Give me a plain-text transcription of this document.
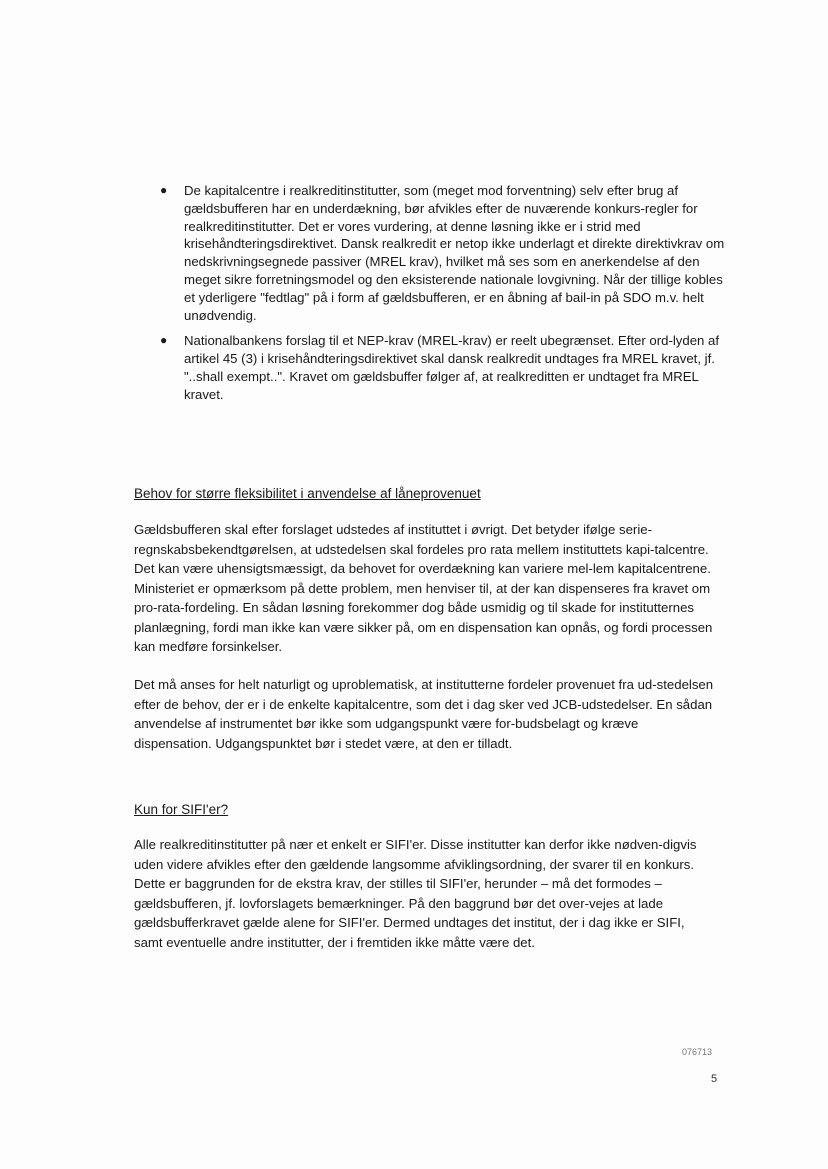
● De kapitalcentre i realkreditinstitutter, som (meget mod forventning) selv efter brug af gældsbufferen har en underdækning, bør afvikles efter de nuværende konkurs-regler for realkreditinstitutter. Det er vores vurdering, at denne løsning ikke er i strid med krisehåndteringsdirektivet. Dansk realkredit er netop ikke underlagt et direkte direktivkrav om nedskrivningsegnede passiver (MREL krav), hvilket må ses som en anerkendelse af den meget sikre forretningsmodel og den eksisterende nationale lovgivning. Når der tillige kobles et yderligere "fedtlag" på i form af gældsbufferen, er en åbning af bail-in på SDO m.v. helt unødvendig.
● Nationalbankens forslag til et NEP-krav (MREL-krav) er reelt ubegrænset. Efter ord-lyden af artikel 45 (3) i krisehåndteringsdirektivet skal dansk realkredit undtages fra MREL kravet, jf. "..shall exempt..". Kravet om gældsbuffer følger af, at realkreditten er undtaget fra MREL kravet.
Behov for større fleksibilitet i anvendelse af låneprovenuet

Gældsbufferen skal efter forslaget udstedes af instituttet i øvrigt. Det betyder ifølge serie-regnskabsbekendtgørelsen, at udstedelsen skal fordeles pro rata mellem instituttets kapi-talcentre. Det kan være uhensigtsmæssigt, da behovet for overdækning kan variere mel-lem kapitalcentrene. Ministeriet er opmærksom på dette problem, men henviser til, at der kan dispenseres fra kravet om pro-rata-fordeling. En sådan løsning forekommer dog både usmidig og til skade for institutternes planlægning, fordi man ikke kan være sikker på, om en dispensation kan opnås, og fordi processen kan medføre forsinkelser.

Det må anses for helt naturligt og uproblematisk, at institutterne fordeler provenuet fra ud-stedelsen efter de behov, der er i de enkelte kapitalcentre, som det i dag sker ved JCB-udstedelser. En sådan anvendelse af instrumentet bør ikke som udgangspunkt være for-budsbelagt og kræve dispensation. Udgangspunktet bør i stedet være, at den er tilladt.

Kun for SIFI'er?

Alle realkreditinstitutter på nær et enkelt er SIFI'er. Disse institutter kan derfor ikke nødven-digvis uden videre afvikles efter den gældende langsomme afviklingsordning, der svarer til en konkurs. Dette er baggrunden for de ekstra krav, der stilles til SIFI'er, herunder – må det formodes – gældsbufferen, jf. lovforslagets bemærkninger. På den baggrund bør det over-vejes at lade gældsbufferkravet gælde alene for SIFI'er. Dermed undtages det institut, der i dag ikke er SIFI, samt eventuelle andre institutter, der i fremtiden ikke måtte være det.

076713
5
